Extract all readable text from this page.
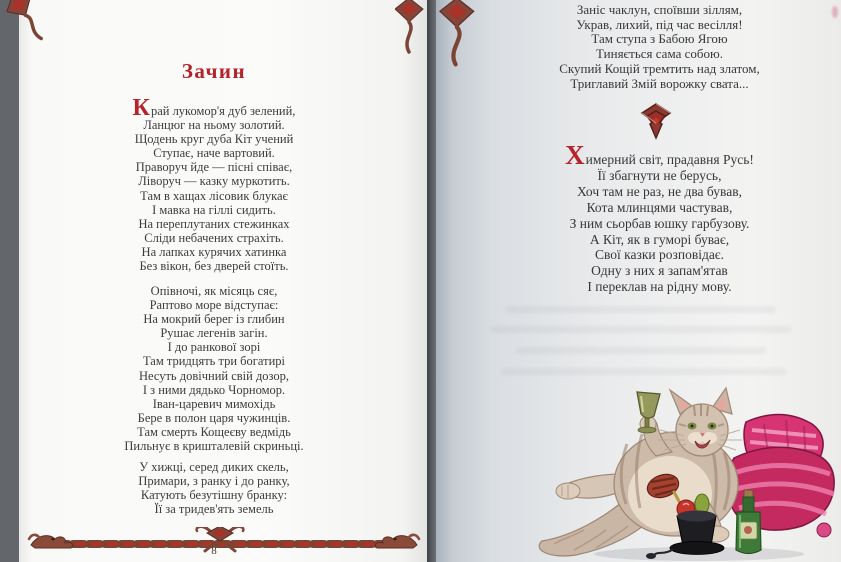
Зачин
Край лукомор'я дуб зелений,
Ланцюг на ньому золотий.
Щодень круг дуба Кіт учений
Ступає, наче вартовий.
Праворуч йде — пісні співає,
Ліворуч — казку муркотить.
Там в хащах лісовик блукає
І мавка на гіллі сидить.
На переплутаних стежинках
Сліди небачених страхіть.
На лапках курячих хатинка
Без вікон, без дверей стоїть.
Опівночі, як місяць сяє,
Раптово море відступає:
На мокрий берег із глибин
Рушає легенів загін.
І до ранкової зорі
Там тридцять три богатирі
Несуть довічний свій дозор,
І з ними дядько Чорномор.
Іван-царевич мимохідь
Бере в полон царя чужинців.
Там смерть Кощеєву ведмідь
Пильнує в кришталевій скриньці.
У хижці, серед диких скель,
Примари, з ранку і до ранку,
Катують безутішну бранку:
Її за тридев'ять земель
8
Заніс чаклун, споївши зіллям,
Украв, лихий, під час весілля!
Там ступа з Бабою Ягою
Тиняється сама собою.
Скупий Кощій тремтить над златом,
Триглавий Змій ворожку свата...
Химерний світ, прадавня Русь!
Її збагнути не берусь,
Хоч там не раз, не два бував,
Кота млинцями частував,
З ним сьорбав юшку гарбузову.
А Кіт, як в гуморі буває,
Свої казки розповідає.
Одну з них я запам'ятав
І переклав на рідну мову.
